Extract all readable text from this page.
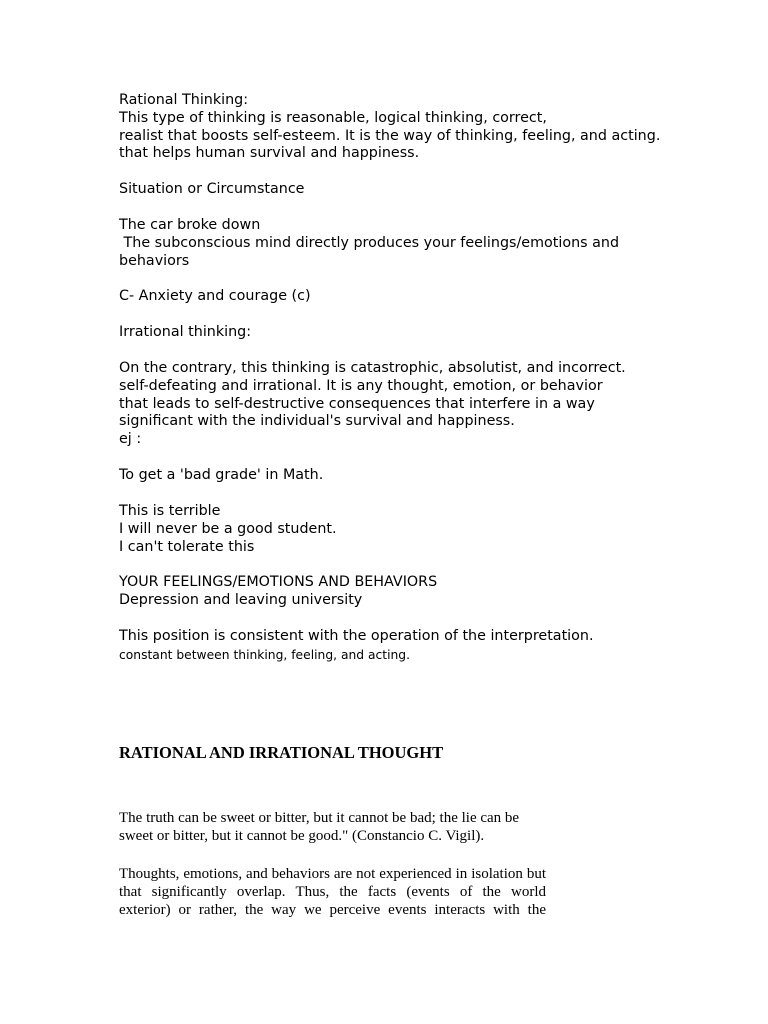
Rational Thinking:
This type of thinking is reasonable, logical thinking, correct,
realist that boosts self-esteem. It is the way of thinking, feeling, and acting.
that helps human survival and happiness.
Situation or Circumstance
The car broke down
The subconscious mind directly produces your feelings/emotions and
behaviors
C- Anxiety and courage (c)
Irrational thinking:
On the contrary, this thinking is catastrophic, absolutist, and incorrect.
self-defeating and irrational. It is any thought, emotion, or behavior
that leads to self-destructive consequences that interfere in a way
significant with the individual's survival and happiness.
ej :
To get a 'bad grade' in Math.
This is terrible
I will never be a good student.
I can't tolerate this
YOUR FEELINGS/EMOTIONS AND BEHAVIORS
Depression and leaving university
This position is consistent with the operation of the interpretation.
constant between thinking, feeling, and acting.
RATIONAL AND IRRATIONAL THOUGHT
The truth can be sweet or bitter, but it cannot be bad; the lie can be
sweet or bitter, but it cannot be good." (Constancio C. Vigil).
Thoughts, emotions, and behaviors are not experienced in isolation but
that significantly overlap. Thus, the facts (events of the world
exterior) or rather, the way we perceive events interacts with the
